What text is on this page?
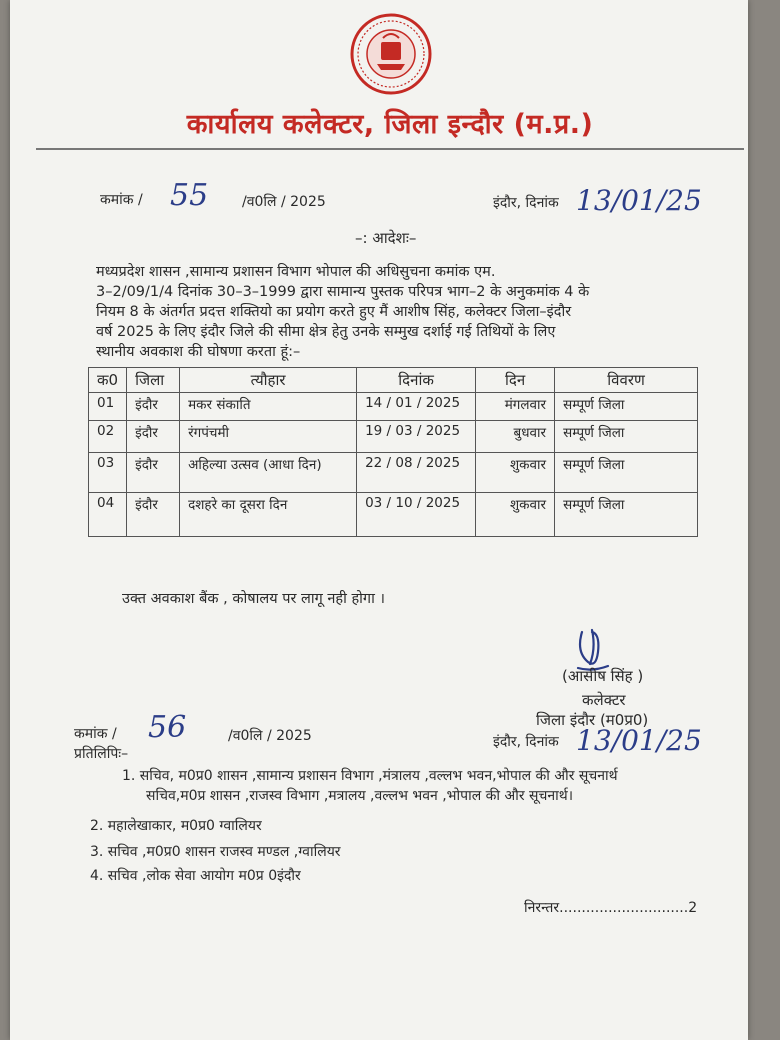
कार्यालय कलेक्टर, जिला इन्दौर (म.प्र.)
कमांक / 55 /व0लि / 2025	इंदौर, दिनांक 13/01/25
–: आदेशः–
मध्यप्रदेश शासन ,सामान्य प्रशासन विभाग भोपाल की अधिसुचना कमांक एम.
3–2/09/1/4 दिनांक 30–3–1999 द्वारा सामान्य पुस्तक परिपत्र भाग–2 के अनुकमांक 4 के
नियम 8 के अंतर्गत प्रदत्त शक्तियो का प्रयोग करते हुए मैं आशीष सिंह, कलेक्टर जिला–इंदौर
वर्ष 2025 के लिए इंदौर जिले की सीमा क्षेत्र हेतु उनके सम्मुख दर्शाई गई तिथियों के लिए
स्थानीय अवकाश की घोषणा करता हूं:–
क0	जिला	त्यौहार	दिनांक	दिन	विवरण
01	इंदौर	मकर संकाति	14 / 01 / 2025	मंगलवार	सम्पूर्ण जिला
02	इंदौर	रंगपंचमी	19 / 03 / 2025	बुधवार	सम्पूर्ण जिला
03	इंदौर	अहिल्या उत्सव (आधा दिन)	22 / 08 / 2025	शुकवार	सम्पूर्ण जिला
04	इंदौर	दशहरे का दूसरा दिन	03 / 10 / 2025	शुकवार	सम्पूर्ण जिला
उक्त अवकाश बैंक , कोषालय पर लागू नही होगा ।
(आसीष सिंह )
कलेक्टर
जिला इंदौर (म0प्र0)
कमांक / 56	/व0लि / 2025	इंदौर, दिनांक 13/01/25
प्रतिलिपिः–
1. सचिव, म0प्र0 शासन ,सामान्य प्रशासन विभाग ,मंत्रालय ,वल्लभ भवन,भोपाल की और सूचनार्थ
सचिव,म0प्र शासन ,राजस्व विभाग ,मत्रालय ,वल्लभ भवन ,भोपाल की और सूचनार्थ।
2. महालेखाकार, म0प्र0 ग्वालियर
3. सचिव ,म0प्र0 शासन राजस्व मण्डल ,ग्वालियर
4. सचिव ,लोक सेवा आयोग म0प्र 0इंदौर
निरन्तर.............................2
